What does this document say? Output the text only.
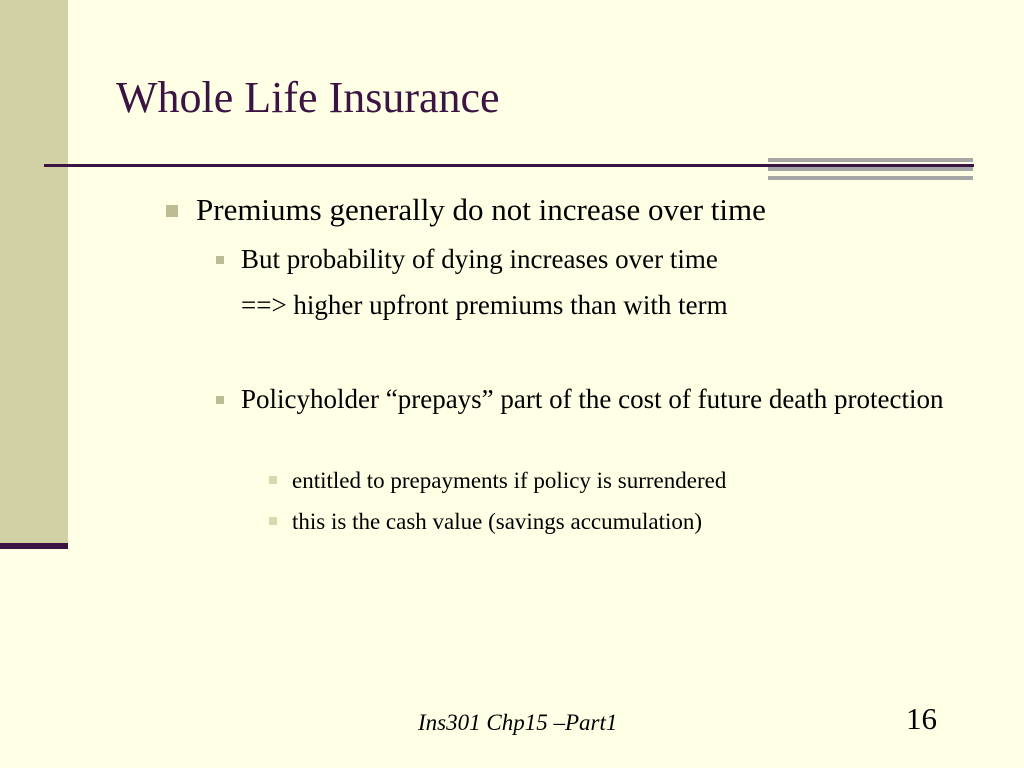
Whole Life Insurance
Premiums generally do not increase over time
But probability of dying increases over time
==> higher upfront premiums than with term
Policyholder “prepays” part of the cost of future death protection
entitled to prepayments if policy is surrendered
this is the cash value (savings accumulation)
Ins301 Chp15 –Part1	16
